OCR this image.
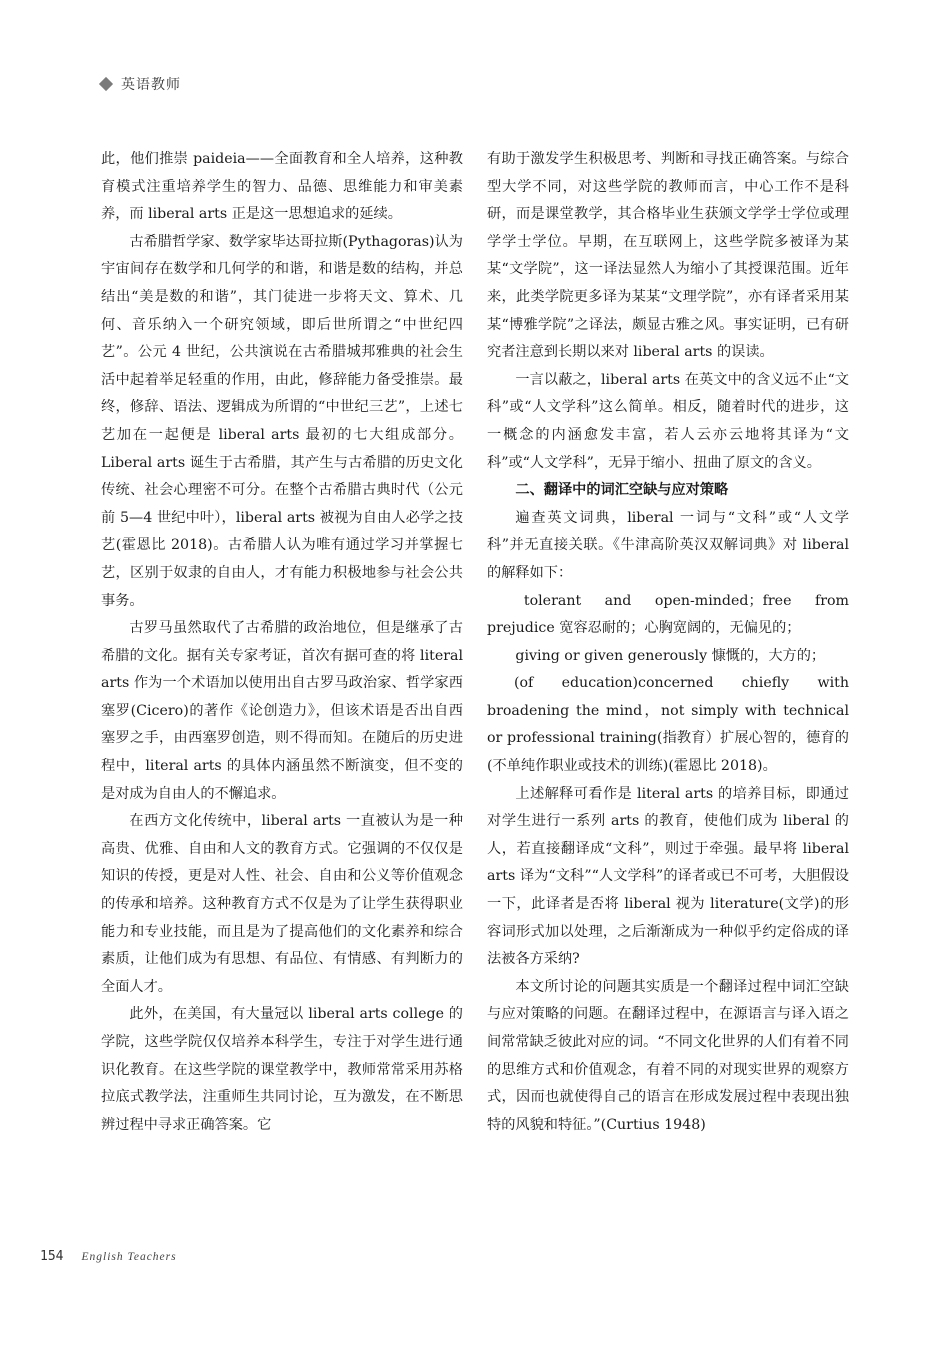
英语教师

此，他们推崇 paideia——全面教育和全人培养，这种教育模式注重培养学生的智力、品德、思维能力和审美素养，而 liberal arts 正是这一思想追求的延续。

古希腊哲学家、数学家毕达哥拉斯(Pythagoras)认为宇宙间存在数学和几何学的和谐，和谐是数的结构，并总结出“美是数的和谐”，其门徒进一步将天文、算术、几何、音乐纳入一个研究领域，即后世所谓之“中世纪四艺”。公元 4 世纪，公共演说在古希腊城邦雅典的社会生活中起着举足轻重的作用，由此，修辞能力备受推崇。最终，修辞、语法、逻辑成为所谓的“中世纪三艺”，上述七艺加在一起便是 liberal arts 最初的七大组成部分。Liberal arts 诞生于古希腊，其产生与古希腊的历史文化传统、社会心理密不可分。在整个古希腊古典时代（公元前 5—4 世纪中叶），liberal arts 被视为自由人必学之技艺(霍恩比 2018)。古希腊人认为唯有通过学习并掌握七艺，区别于奴隶的自由人，才有能力积极地参与社会公共事务。

古罗马虽然取代了古希腊的政治地位，但是继承了古希腊的文化。据有关专家考证，首次有据可查的将 literal arts 作为一个术语加以使用出自古罗马政治家、哲学家西塞罗(Cicero)的著作《论创造力》，但该术语是否出自西塞罗之手，由西塞罗创造，则不得而知。在随后的历史进程中，literal arts 的具体内涵虽然不断演变，但不变的是对成为自由人的不懈追求。

在西方文化传统中，liberal arts 一直被认为是一种高贵、优雅、自由和人文的教育方式。它强调的不仅仅是知识的传授，更是对人性、社会、自由和公义等价值观念的传承和培养。这种教育方式不仅是为了让学生获得职业能力和专业技能，而且是为了提高他们的文化素养和综合素质，让他们成为有思想、有品位、有情感、有判断力的全面人才。

此外，在美国，有大量冠以 liberal arts college 的学院，这些学院仅仅培养本科学生，专注于对学生进行通识化教育。在这些学院的课堂教学中，教师常常采用苏格拉底式教学法，注重师生共同讨论，互为激发，在不断思辨过程中寻求正确答案。它

有助于激发学生积极思考、判断和寻找正确答案。与综合型大学不同，对这些学院的教师而言，中心工作不是科研，而是课堂教学，其合格毕业生获颁文学学士学位或理学学士学位。早期，在互联网上，这些学院多被译为某某“文学院”，这一译法显然人为缩小了其授课范围。近年来，此类学院更多译为某某“文理学院”，亦有译者采用某某“博雅学院”之译法，颇显古雅之风。事实证明，已有研究者注意到长期以来对 liberal arts 的误读。

一言以蔽之，liberal arts 在英文中的含义远不止“文科”或“人文学科”这么简单。相反，随着时代的进步，这一概念的内涵愈发丰富，若人云亦云地将其译为“文科”或“人文学科”，无异于缩小、扭曲了原文的含义。

二、翻译中的词汇空缺与应对策略

遍查英文词典，liberal 一词与“文科”或“人文学科”并无直接关联。《牛津高阶英汉双解词典》对 liberal 的解释如下：

tolerant and open-minded；free from prejudice 宽容忍耐的；心胸宽阔的，无偏见的；

giving or given generously 慷慨的，大方的；

(of education)concerned chiefly with broadening the mind，not simply with technical or professional training(指教育）扩展心智的，德育的(不单纯作职业或技术的训练)(霍恩比 2018)。

上述解释可看作是 literal arts 的培养目标，即通过对学生进行一系列 arts 的教育，使他们成为 liberal 的人，若直接翻译成“文科”，则过于牵强。最早将 liberal arts 译为“文科”“人文学科”的译者或已不可考，大胆假设一下，此译者是否将 liberal 视为 literature(文学)的形容词形式加以处理，之后渐渐成为一种似乎约定俗成的译法被各方采纳?

本文所讨论的问题其实质是一个翻译过程中词汇空缺与应对策略的问题。在翻译过程中，在源语言与译入语之间常常缺乏彼此对应的词。“不同文化世界的人们有着不同的思维方式和价值观念，有着不同的对现实世界的观察方式，因而也就使得自己的语言在形成发展过程中表现出独特的风貌和特征。”(Curtius 1948)

154 English Teachers
